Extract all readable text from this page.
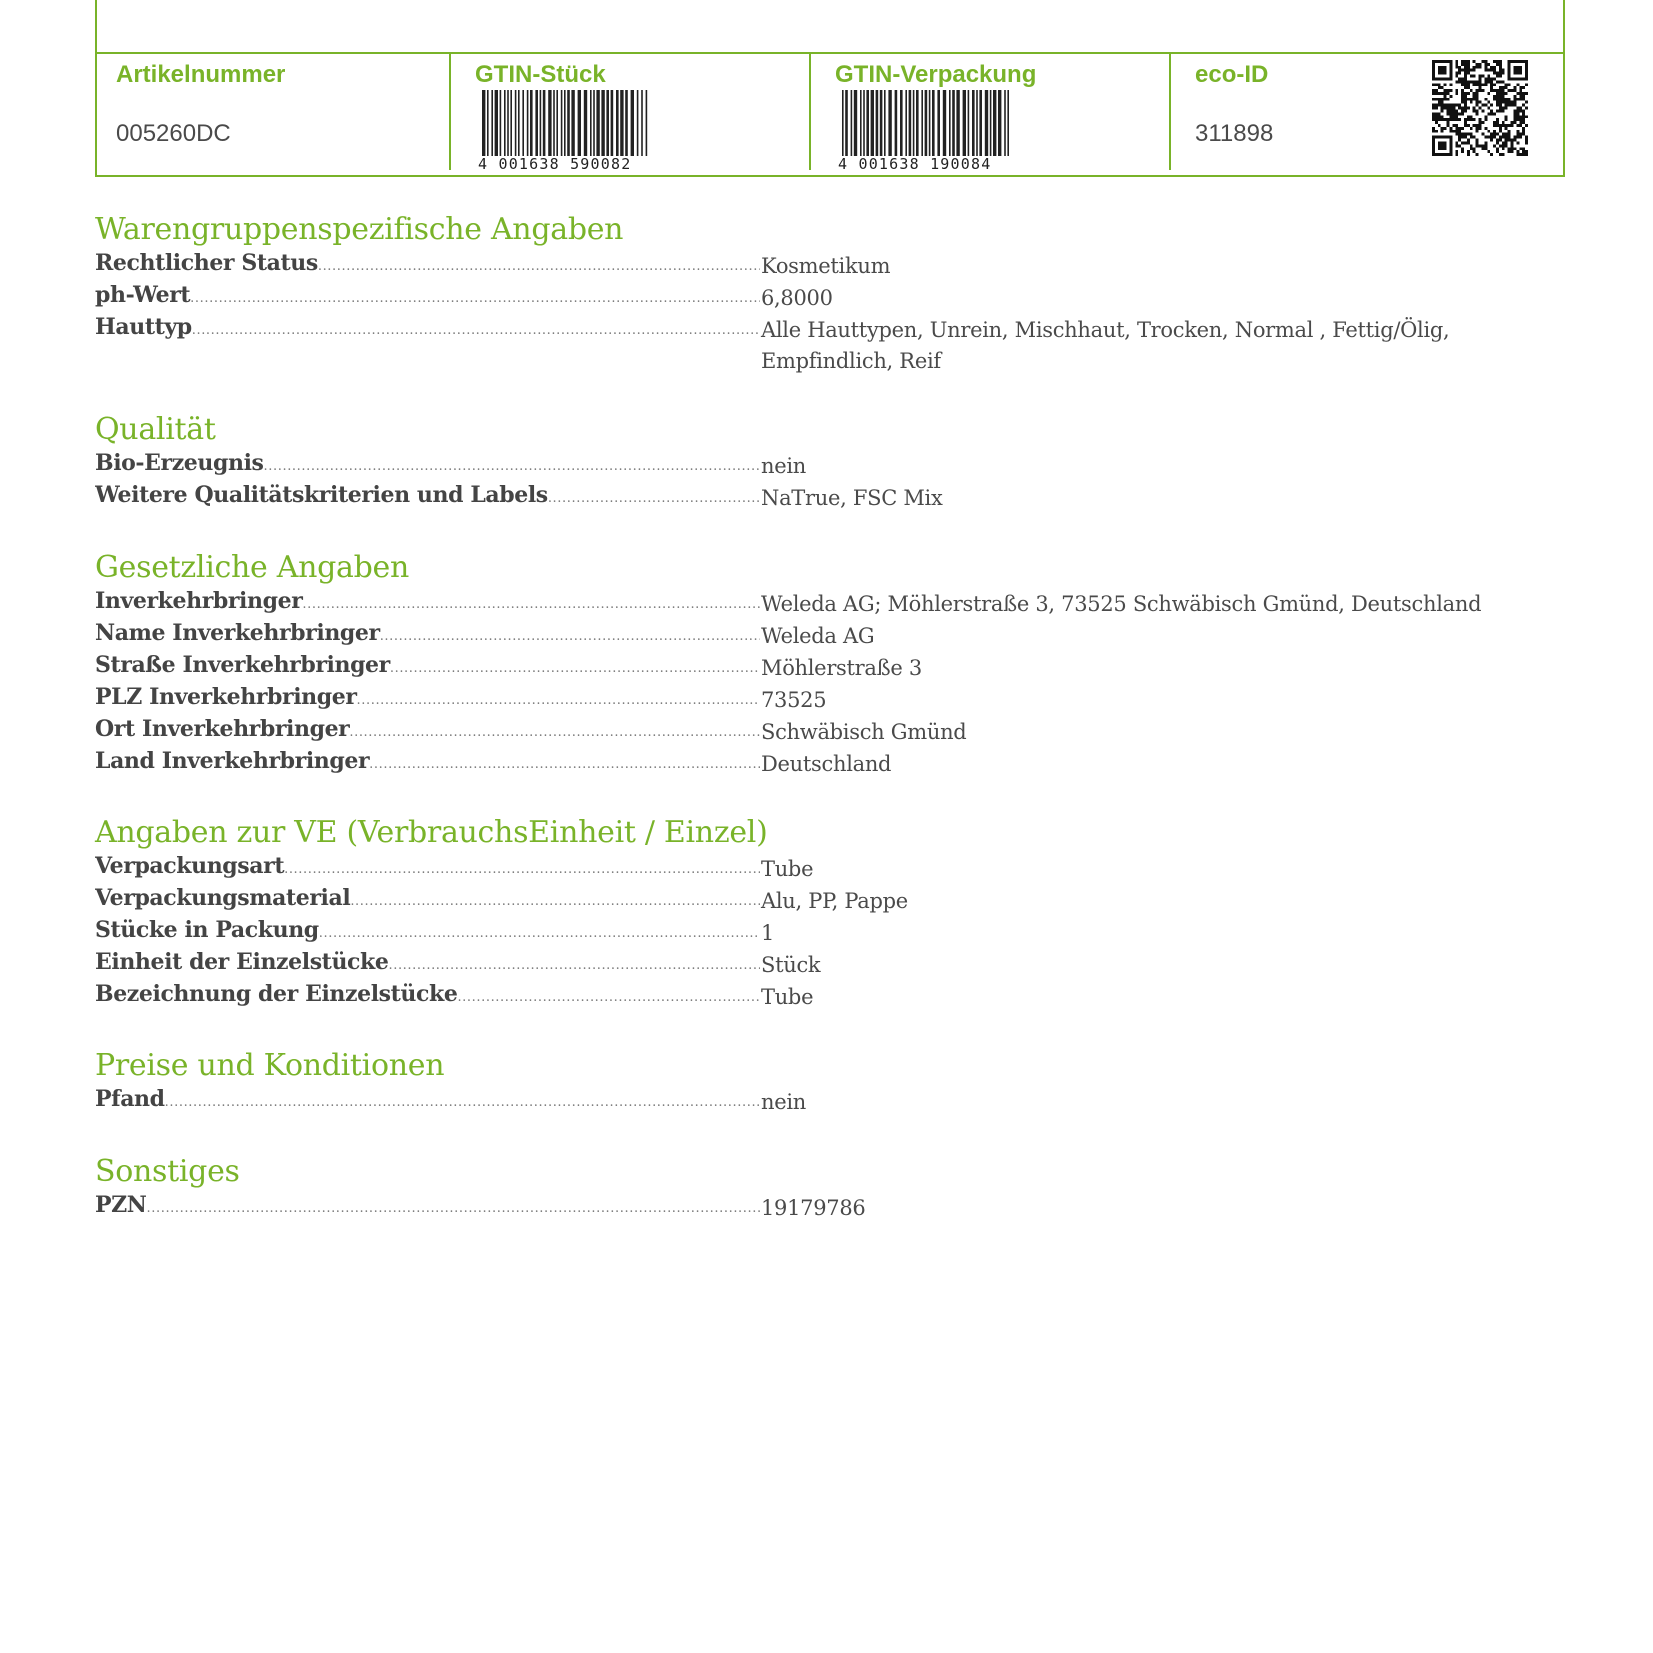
Artikelnummer
005260DC
GTIN-Stück
4 001638 590082
GTIN-Verpackung
4 001638 190084
eco-ID
311898
Warengruppenspezifische Angaben
Rechtlicher Status .....	Kosmetikum
ph-Wert .....	6,8000
Hauttyp .....	Alle Hauttypen, Unrein, Mischhaut, Trocken, Normal , Fettig/Ölig, Empfindlich, Reif
Qualität
Bio-Erzeugnis .....	nein
Weitere Qualitätskriterien und Labels .....	NaTrue, FSC Mix
Gesetzliche Angaben
Inverkehrbringer .....	Weleda AG; Möhlerstraße 3, 73525 Schwäbisch Gmünd, Deutschland
Name Inverkehrbringer .....	Weleda AG
Straße Inverkehrbringer .....	Möhlerstraße 3
PLZ Inverkehrbringer .....	73525
Ort Inverkehrbringer .....	Schwäbisch Gmünd
Land Inverkehrbringer .....	Deutschland
Angaben zur VE (VerbrauchsEinheit / Einzel)
Verpackungsart .....	Tube
Verpackungsmaterial .....	Alu, PP, Pappe
Stücke in Packung .....	1
Einheit der Einzelstücke .....	Stück
Bezeichnung der Einzelstücke .....	Tube
Preise und Konditionen
Pfand .....	nein
Sonstiges
PZN .....	19179786
